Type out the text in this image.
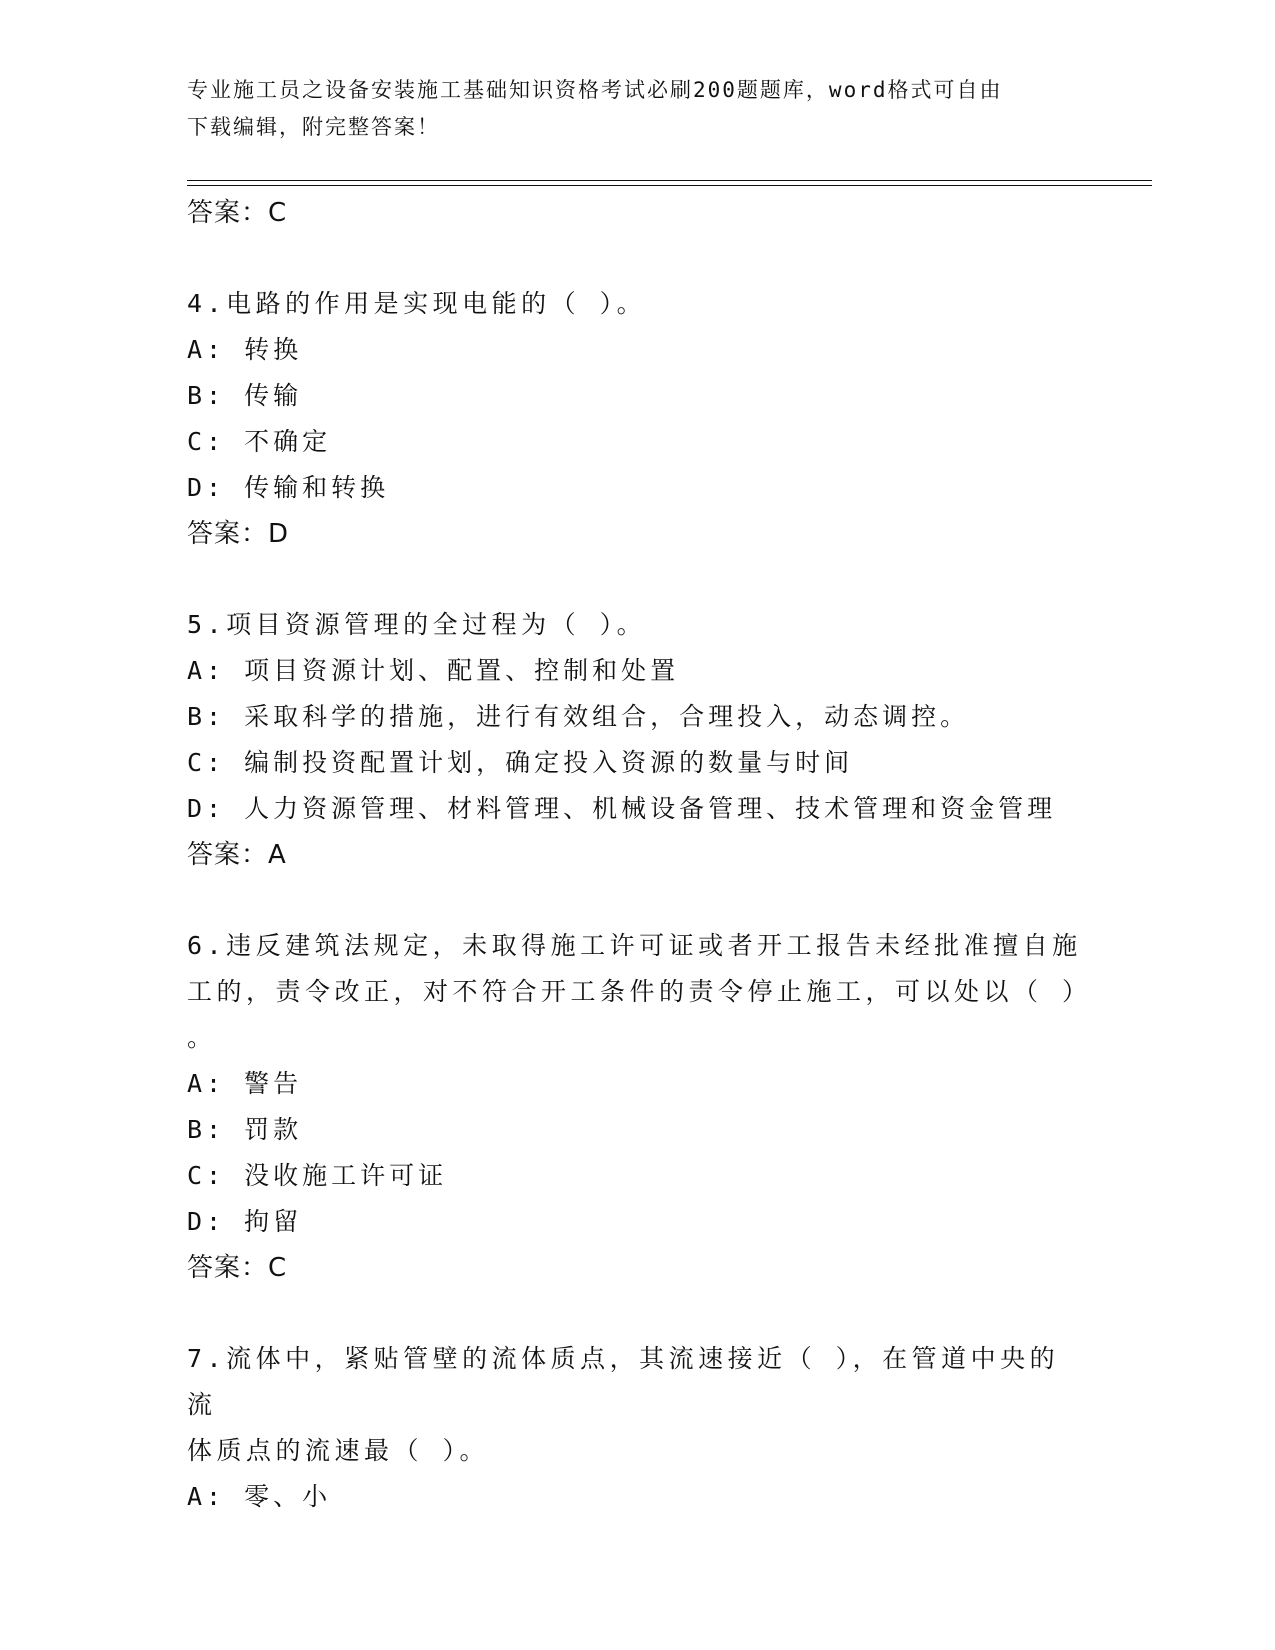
专业施工员之设备安装施工基础知识资格考试必刷200题题库，word格式可自由
下载编辑，附完整答案！
答案：C
4.电路的作用是实现电能的（ ）。
A: 转换
B: 传输
C: 不确定
D: 传输和转换
答案：D
5.项目资源管理的全过程为（ ）。
A: 项目资源计划、配置、控制和处置
B: 采取科学的措施，进行有效组合，合理投入，动态调控。
C: 编制投资配置计划，确定投入资源的数量与时间
D: 人力资源管理、材料管理、机械设备管理、技术管理和资金管理
答案：A
6.违反建筑法规定，未取得施工许可证或者开工报告未经批准擅自施
工的，责令改正，对不符合开工条件的责令停止施工，可以处以（ ）
。
A: 警告
B: 罚款
C: 没收施工许可证
D: 拘留
答案：C
7.流体中，紧贴管壁的流体质点，其流速接近（ ），在管道中央的流
体质点的流速最（ ）。
A: 零、小
